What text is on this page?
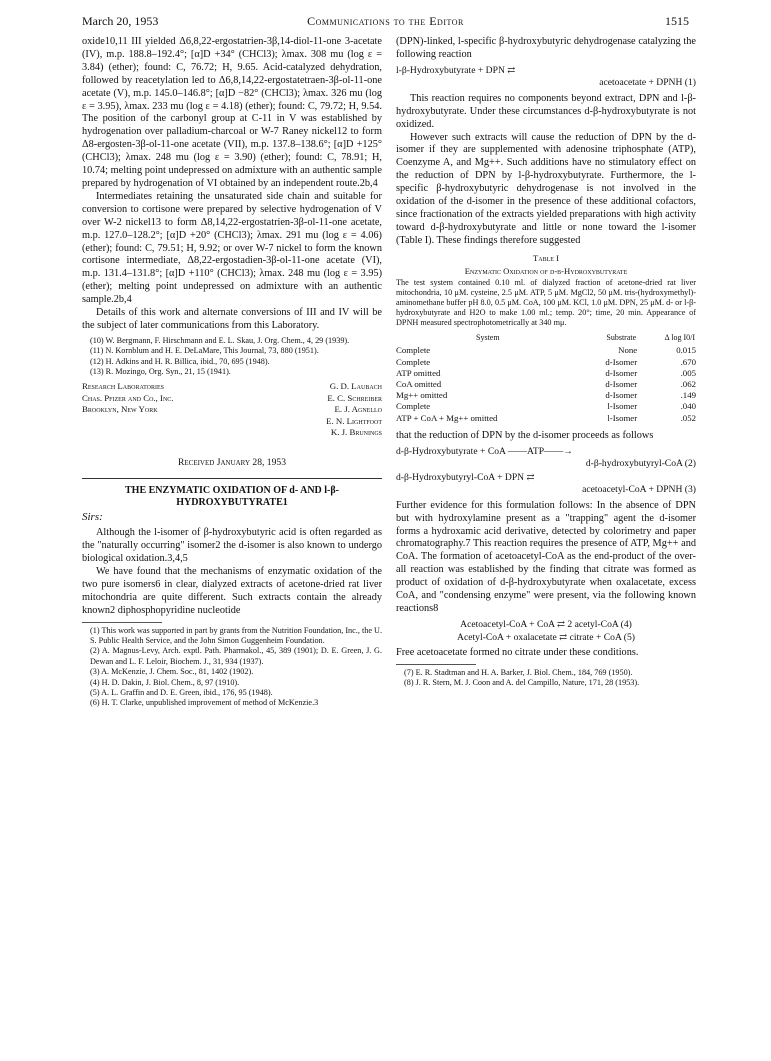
March 20, 1953	Communications to the Editor	1515

oxide10,11 III yielded Δ6,8,22-ergostatrien-3β,14-diol-11-one 3-acetate (IV), m.p. 188.8–192.4°; [α]D +34° (CHCl3); λmax. 308 mu (log ε = 3.84) (ether); found: C, 76.72; H, 9.65. Acid-catalyzed dehydration, followed by reacetylation led to Δ6,8,14,22-ergostatetraen-3β-ol-11-one acetate (V), m.p. 145.0–146.8°; [α]D −82° (CHCl3); λmax. 326 mu (log ε = 3.95), λmax. 233 mu (log ε = 4.18) (ether); found: C, 79.72; H, 9.54. The position of the carbonyl group at C-11 in V was established by hydrogenation over palladium-charcoal or W-7 Raney nickel12 to form Δ8-ergosten-3β-ol-11-one acetate (VII), m.p. 137.8–138.6°; [α]D +125° (CHCl3); λmax. 248 mu (log ε = 3.90) (ether); found: C, 78.91; H, 10.74; melting point undepressed on admixture with an authentic sample prepared by hydrogenation of VI obtained by an independent route.2b,4

Intermediates retaining the unsaturated side chain and suitable for conversion to cortisone were prepared by selective hydrogenation of V over W-2 nickel13 to form Δ8,14,22-ergostatrien-3β-ol-11-one acetate, m.p. 127.0–128.2°; [α]D +20° (CHCl3); λmax. 291 mu (log ε = 4.06) (ether); found: C, 79.51; H, 9.92; or over W-7 nickel to form the known cortisone intermediate, Δ8,22-ergostadien-3β-ol-11-one acetate (VI), m.p. 131.4–131.8°; [α]D +110° (CHCl3); λmax. 248 mu (log ε = 3.95) (ether); melting point undepressed on admixture with an authentic sample.2b,4

Details of this work and alternate conversions of III and IV will be the subject of later communications from this Laboratory.

(10) W. Bergmann, F. Hirschmann and E. L. Skau, J. Org. Chem., 4, 29 (1939).

(11) N. Kornblum and H. E. DeLaMare, This Journal, 73, 880 (1951).

(12) H. Adkins and H. R. Billica, ibid., 70, 695 (1948).

(13) R. Mozingo, Org. Syn., 21, 15 (1941).

Research Laboratories
Chas. Pfizer and Co., Inc.
Brooklyn, New York
G. D. Laubach
E. C. Schreiber
E. J. Agnello
E. N. Lightfoot
K. J. Brunings
Received January 28, 1953
THE ENZYMATIC OXIDATION OF d- AND l-β-HYDROXYBUTYRATE1
Sirs:

Although the l-isomer of β-hydroxybutyric acid is often regarded as the "naturally occurring" isomer2 the d-isomer is also known to undergo biological oxidation.3,4,5

We have found that the mechanisms of enzymatic oxidation of the two pure isomers6 in clear, dialyzed extracts of acetone-dried rat liver mitochondria are quite different. Such extracts contain the already known2 diphosphopyridine nucleotide

(1) This work was supported in part by grants from the Nutrition Foundation, Inc., the U. S. Public Health Service, and the John Simon Guggenheim Foundation.

(2) A. Magnus-Levy, Arch. exptl. Path. Pharmakol., 45, 389 (1901); D. E. Green, J. G. Dewan and L. F. Leloir, Biochem. J., 31, 934 (1937).

(3) A. McKenzie, J. Chem. Soc., 81, 1402 (1902).

(4) H. D. Dakin, J. Biol. Chem., 8, 97 (1910).

(5) A. L. Graffin and D. E. Green, ibid., 176, 95 (1948).

(6) H. T. Clarke, unpublished improvement of method of McKenzie.3

(DPN)-linked, l-specific β-hydroxybutyric dehydrogenase catalyzing the following reaction

l-β-Hydroxybutyrate + DPN ⇄
acetoacetate + DPNH (1)

This reaction requires no components beyond extract, DPN and l-β-hydroxybutyrate. Under these circumstances d-β-hydroxybutyrate is not oxidized.

However such extracts will cause the reduction of DPN by the d-isomer if they are supplemented with adenosine triphosphate (ATP), Coenzyme A, and Mg++. Such additions have no stimulatory effect on the reduction of DPN by l-β-hydroxybutyrate. Furthermore, the l-specific β-hydroxybutyric dehydrogenase is not involved in the oxidation of the d-isomer in the presence of these additional cofactors, since fractionation of the extracts yielded preparations with high activity toward d-β-hydroxybutyrate and little or none toward the l-isomer (Table I). These findings therefore suggested

Table I
Enzymatic Oxidation of d-β-Hydroxybutyrate
The test system contained 0.10 ml. of dialyzed fraction of acetone-dried rat liver mitochondria, 10 μM. cysteine, 2.5 μM. ATP, 5 μM. MgCl2, 50 μM. tris-(hydroxymethyl)-aminomethane buffer pH 8.0, 0.5 μM. CoA, 100 μM. KCl, 1.0 μM. DPN, 25 μM. d- or l-β-hydroxybutyrate and H2O to make 1.00 ml.; temp. 20°; time, 20 min. Appearance of DPNH measured spectrophotometrically at 340 mμ.
System	Substrate	Δ log I0/I
Complete	None	0.015
Complete	d-Isomer	.670
ATP omitted	d-Isomer	.005
CoA omitted	d-Isomer	.062
Mg++ omitted	d-Isomer	.149
Complete	l-Isomer	.040
ATP + CoA + Mg++ omitted	l-Isomer	.052

that the reduction of DPN by the d-isomer proceeds as follows

d-β-Hydroxybutyrate + CoA ——ATP——→
d-β-hydroxybutyryl-CoA (2)
d-β-Hydroxybutyryl-CoA + DPN ⇄
acetoacetyl-CoA + DPNH (3)

Further evidence for this formulation follows: In the absence of DPN but with hydroxylamine present as a "trapping" agent the d-isomer forms a hydroxamic acid derivative, detected by colorimetry and paper chromatography.7 This reaction requires the presence of ATP, Mg++ and CoA. The formation of acetoacetyl-CoA as the end-product of the over-all reaction was established by the finding that citrate was formed as product of oxidation of d-β-hydroxybutyrate when oxalacetate, excess CoA, and "condensing enzyme" were present, via the following known reactions8

Acetoacetyl-CoA + CoA ⇄ 2 acetyl-CoA (4)
Acetyl-CoA + oxalacetate ⇄ citrate + CoA (5)

Free acetoacetate formed no citrate under these conditions.

(7) E. R. Stadtman and H. A. Barker, J. Biol. Chem., 184, 769 (1950).

(8) J. R. Stern, M. J. Coon and A. del Campillo, Nature, 171, 28 (1953).
